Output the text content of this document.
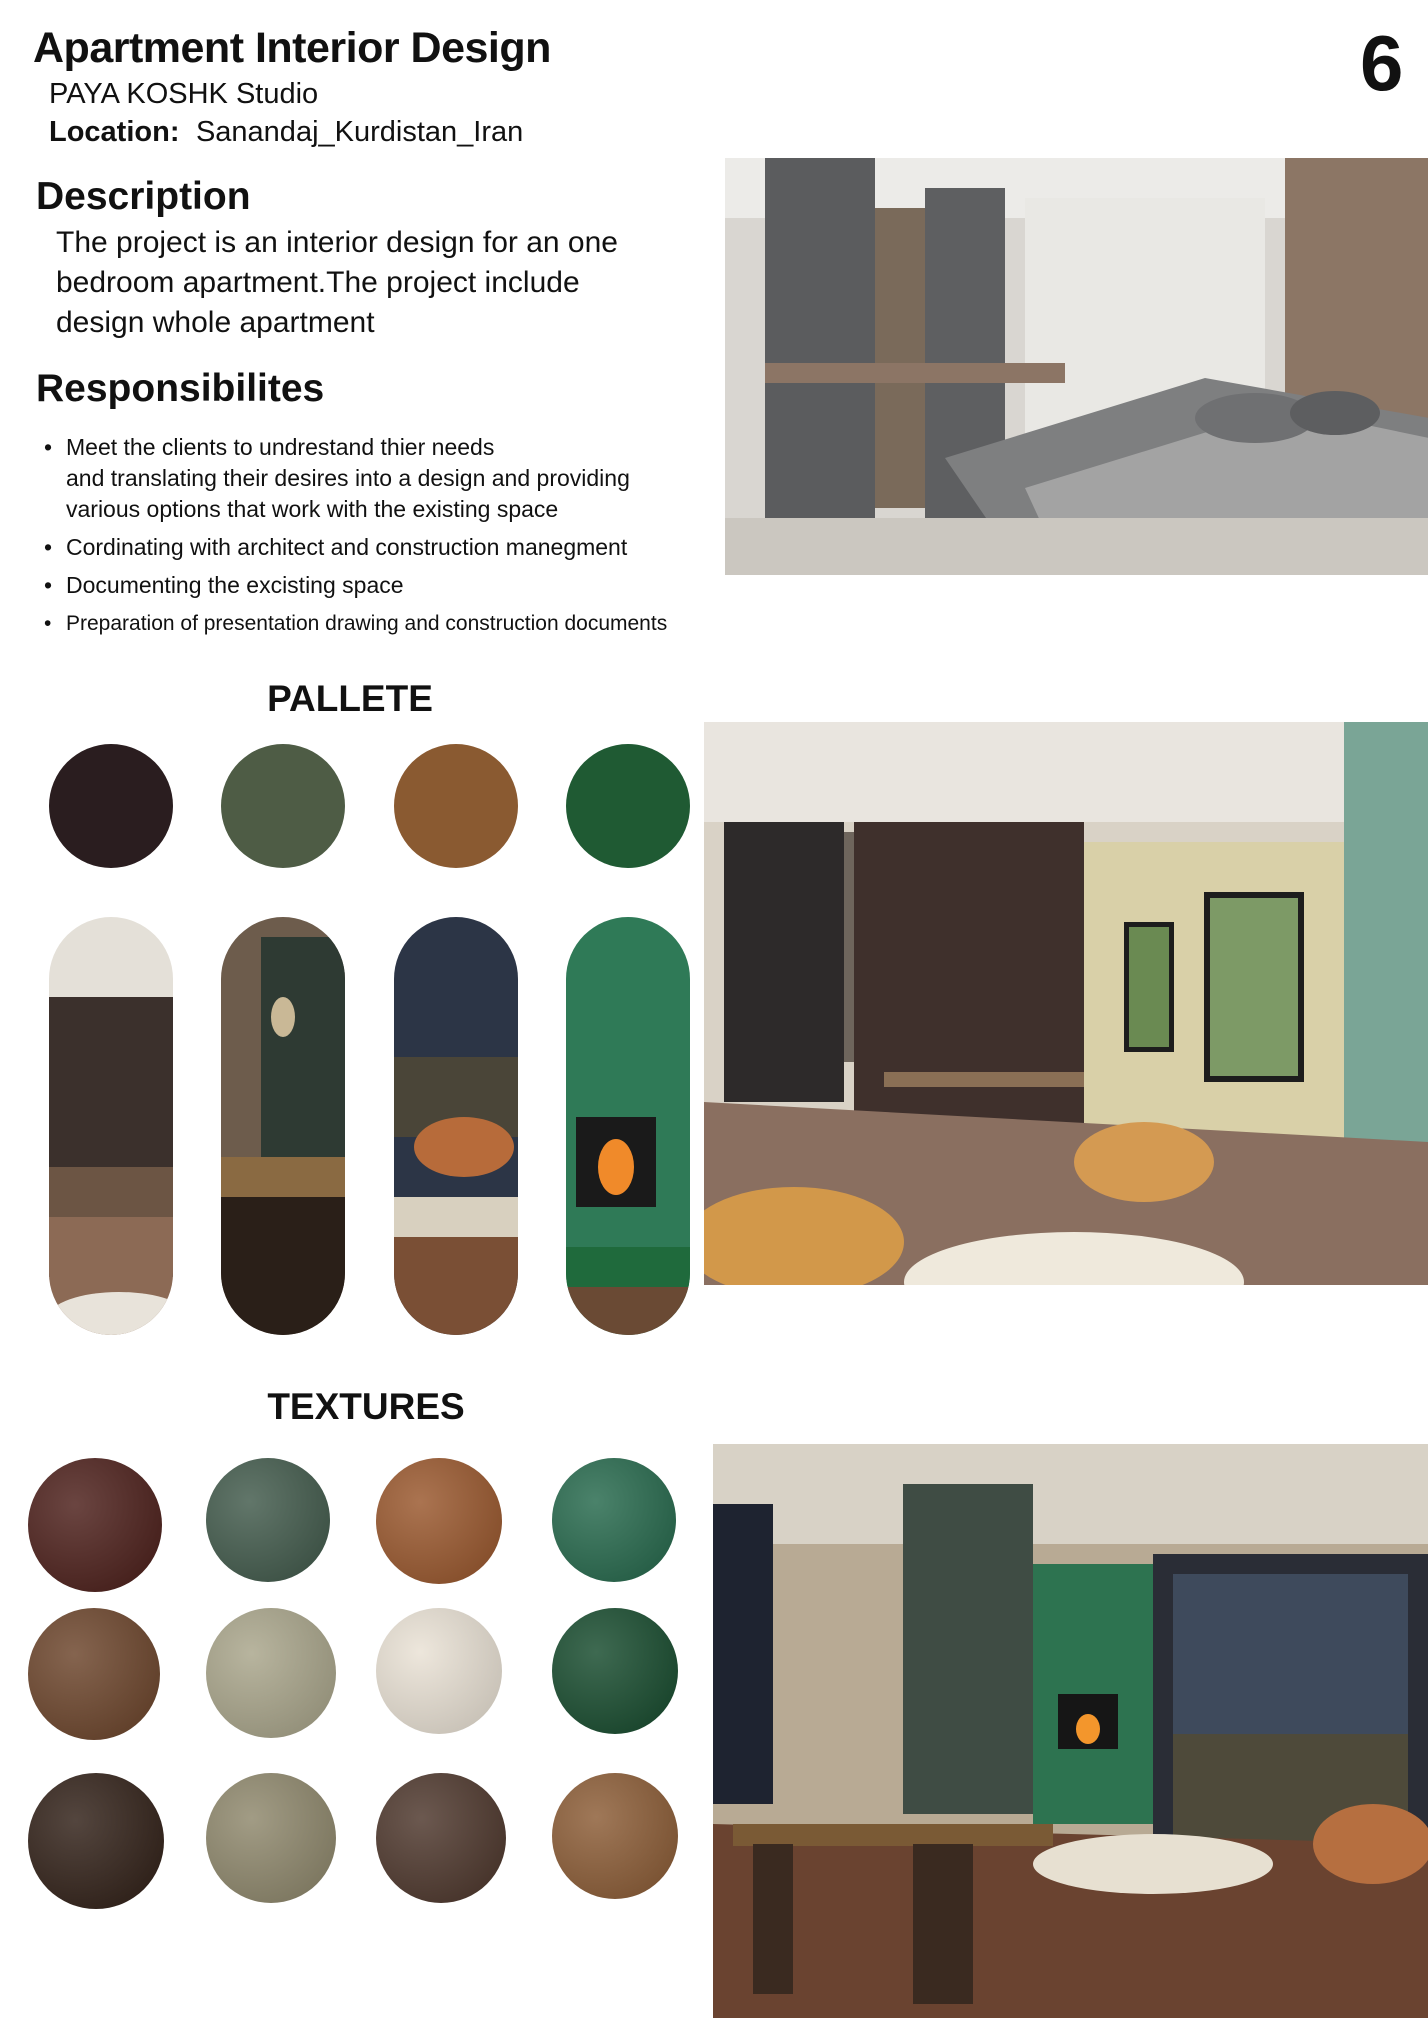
Apartment Interior Design
PAYA KOSHK Studio
Location: Sanandaj_Kurdistan_Iran
6
Description
The project is an interior design for an one
bedroom apartment.The project include
design whole apartment
Responsibilites
• Meet the clients to undrestand thier needs
and translating their desires into a design and providing
various options that work with the existing space
• Cordinating with architect and construction manegment
• Documenting the excisting space
• Preparation of presentation drawing and construction documents
PALLETE
TEXTURES
